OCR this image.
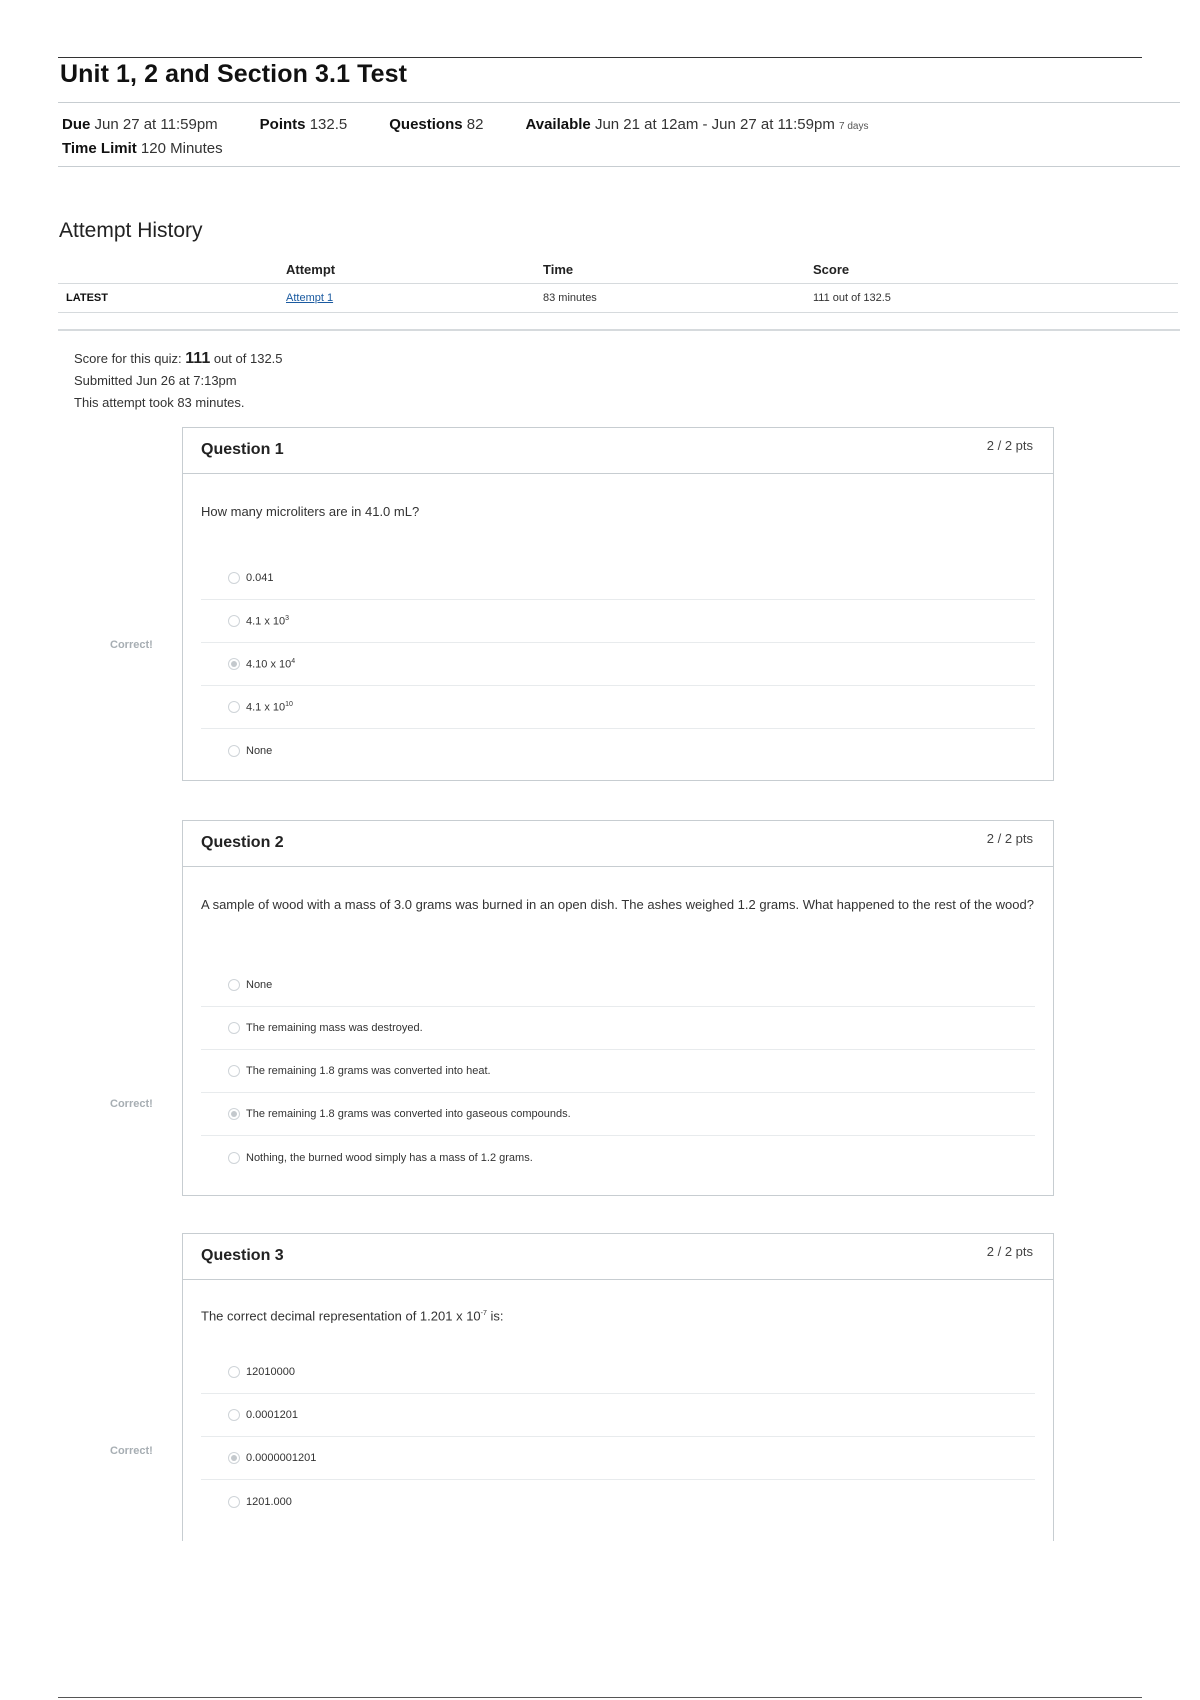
Unit 1, 2 and Section 3.1 Test
Due Jun 27 at 11:59pm	Points 132.5	Questions 82	Available Jun 21 at 12am - Jun 27 at 11:59pm 7 days
Time Limit 120 Minutes
Attempt History
	Attempt	Time	Score
LATEST	Attempt 1	83 minutes	111 out of 132.5
Score for this quiz: 111 out of 132.5
Submitted Jun 26 at 7:13pm
This attempt took 83 minutes.
Correct!
Question 1	2 / 2 pts
How many microliters are in 41.0 mL?
0.041
4.1 x $10^3$
4.10 x $10^4$
4.1 x $10^{10}$
None
Correct!
Question 2	2 / 2 pts
A sample of wood with a mass of 3.0 grams was burned in an open dish. The ashes weighed 1.2 grams. What happened to the rest of the wood?
None
The remaining mass was destroyed.
The remaining 1.8 grams was converted into heat.
The remaining 1.8 grams was converted into gaseous compounds.
Nothing, the burned wood simply has a mass of 1.2 grams.
Correct!
Question 3	2 / 2 pts
The correct decimal representation of 1.201 x $10^{-7}$ is:
12010000
0.0001201
0.0000001201
1201.000
